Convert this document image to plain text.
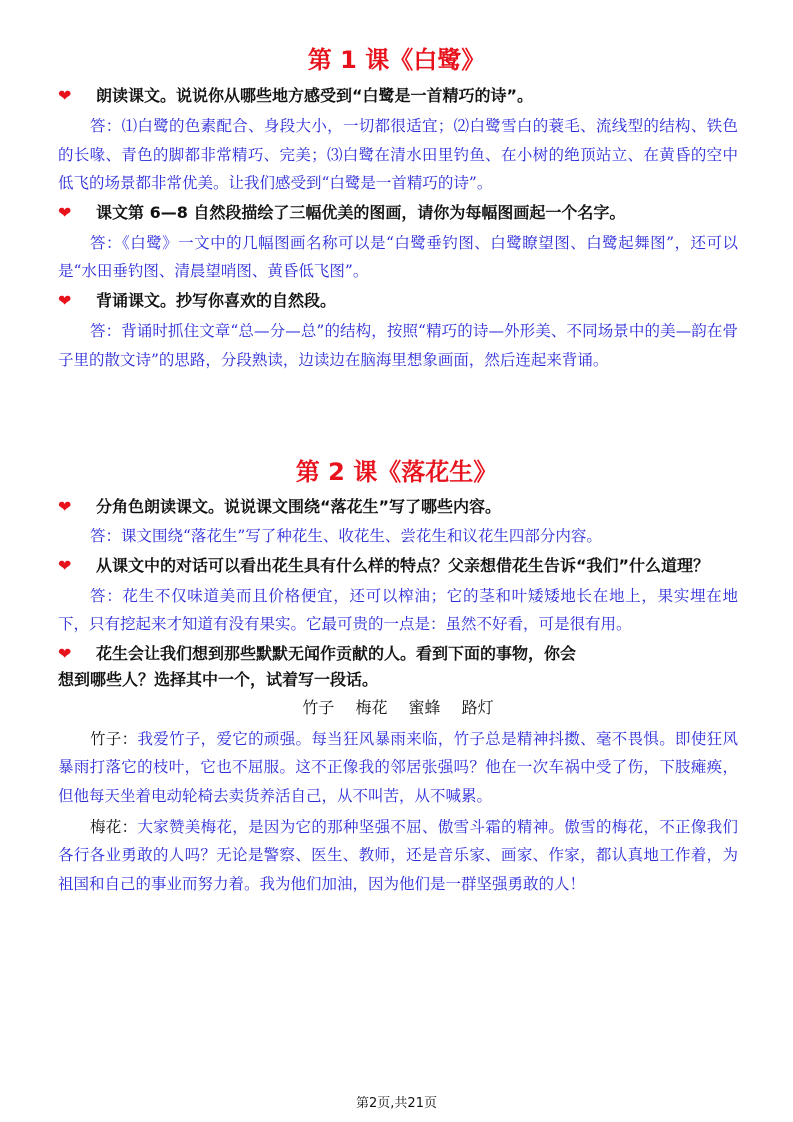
第 1 课《白鹭》

❤ 朗读课文。说说你从哪些地方感受到“白鹭是一首精巧的诗”。

答：⑴白鹭的色素配合、身段大小，一切都很适宜；⑵白鹭雪白的蓑毛、流线型的结构、铁色的长喙、青色的脚都非常精巧、完美；⑶白鹭在清水田里钓鱼、在小树的绝顶站立、在黄昏的空中低飞的场景都非常优美。让我们感受到“白鹭是一首精巧的诗”。

❤ 课文第 6—8 自然段描绘了三幅优美的图画，请你为每幅图画起一个名字。

答：《白鹭》一文中的几幅图画名称可以是“白鹭垂钓图、白鹭瞭望图、白鹭起舞图”，还可以是“水田垂钓图、清晨望哨图、黄昏低飞图”。

❤ 背诵课文。抄写你喜欢的自然段。

答：背诵时抓住文章“总—分—总”的结构，按照“精巧的诗—外形美、不同场景中的美—韵在骨子里的散文诗”的思路，分段熟读，边读边在脑海里想象画面，然后连起来背诵。

第 2 课《落花生》

❤ 分角色朗读课文。说说课文围绕“落花生”写了哪些内容。

答：课文围绕“落花生”写了种花生、收花生、尝花生和议花生四部分内容。

❤ 从课文中的对话可以看出花生具有什么样的特点？父亲想借花生告诉“我们”什么道理？

答：花生不仅味道美而且价格便宜，还可以榨油；它的茎和叶矮矮地长在地上，果实埋在地下，只有挖起来才知道有没有果实。它最可贵的一点是：虽然不好看，可是很有用。

❤ 花生会让我们想到那些默默无闻作贡献的人。看到下面的事物，你会

想到哪些人？选择其中一个，试着写一段话。

竹子 梅花 蜜蜂 路灯

竹子：我爱竹子，爱它的顽强。每当狂风暴雨来临，竹子总是精神抖擞、毫不畏惧。即使狂风暴雨打落它的枝叶，它也不屈服。这不正像我的邻居张强吗？他在一次车祸中受了伤，下肢瘫痪，但他每天坐着电动轮椅去卖货养活自己，从不叫苦，从不喊累。

梅花：大家赞美梅花，是因为它的那种坚强不屈、傲雪斗霜的精神。傲雪的梅花，不正像我们各行各业勇敢的人吗？无论是警察、医生、教师，还是音乐家、画家、作家，都认真地工作着，为祖国和自己的事业而努力着。我为他们加油，因为他们是一群坚强勇敢的人！

第2页,共21页
